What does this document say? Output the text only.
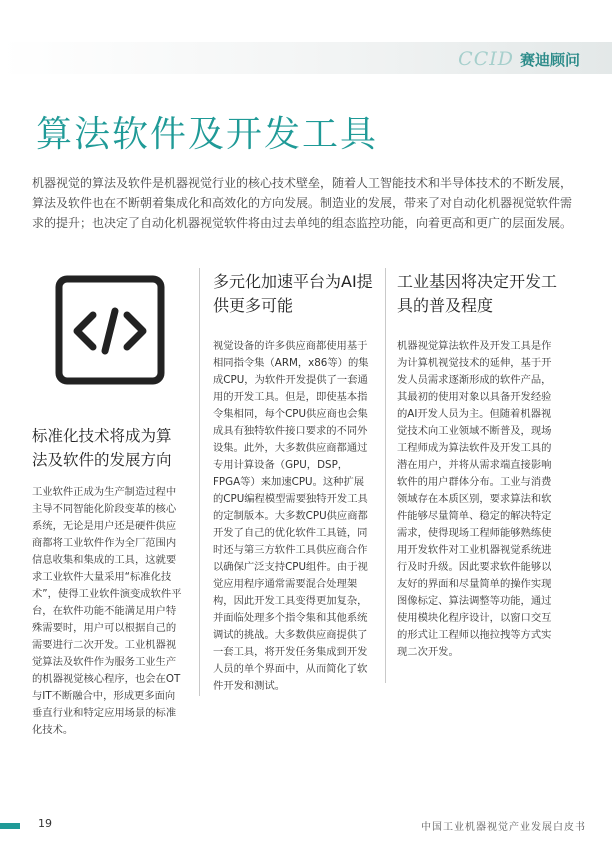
CCID 赛迪顾问
算法软件及开发工具

机器视觉的算法及软件是机器视觉行业的核心技术壁垒，随着人工智能技术和半导体技术的不断发展，算法及软件也在不断朝着集成化和高效化的方向发展。制造业的发展，带来了对自动化机器视觉软件需求的提升；也决定了自动化机器视觉软件将由过去单纯的组态监控功能，向着更高和更广的层面发展。

标准化技术将成为算法及软件的发展方向

工业软件正成为生产制造过程中主导不同智能化阶段变革的核心系统，无论是用户还是硬件供应商都将工业软件作为全厂范围内信息收集和集成的工具，这就要求工业软件大量采用“标准化技术”，使得工业软件演变成软件平台，在软件功能不能满足用户特殊需要时，用户可以根据自己的需要进行二次开发。工业机器视觉算法及软件作为服务工业生产的机器视觉核心程序，也会在OT与IT不断融合中，形成更多面向垂直行业和特定应用场景的标准化技术。

多元化加速平台为AI提供更多可能

视觉设备的许多供应商都使用基于相同指令集（ARM，x86等）的集成CPU，为软件开发提供了一套通用的开发工具。但是，即使基本指令集相同，每个CPU供应商也会集成具有独特软件接口要求的不同外设集。此外，大多数供应商都通过专用计算设备（GPU，DSP，FPGA等）来加速CPU。这种扩展的CPU编程模型需要独特开发工具的定制版本。大多数CPU供应商都开发了自己的优化软件工具链，同时还与第三方软件工具供应商合作以确保广泛支持CPU组件。由于视觉应用程序通常需要混合处理架构，因此开发工具变得更加复杂，并面临处理多个指令集和其他系统调试的挑战。大多数供应商提供了一套工具，将开发任务集成到开发人员的单个界面中，从而简化了软件开发和测试。

工业基因将决定开发工具的普及程度

机器视觉算法软件及开发工具是作为计算机视觉技术的延伸，基于开发人员需求逐渐形成的软件产品，其最初的使用对象以具备开发经验的AI开发人员为主。但随着机器视觉技术向工业领域不断普及，现场工程师成为算法软件及开发工具的潜在用户，并将从需求端直接影响软件的用户群体分布。工业与消费领域存在本质区别，要求算法和软件能够尽量简单、稳定的解决特定需求，使得现场工程师能够熟练使用开发软件对工业机器视觉系统进行及时升级。因此要求软件能够以友好的界面和尽量简单的操作实现图像标定、算法调整等功能，通过使用模块化程序设计，以窗口交互的形式让工程师以拖拉拽等方式实现二次开发。

19	中国工业机器视觉产业发展白皮书
